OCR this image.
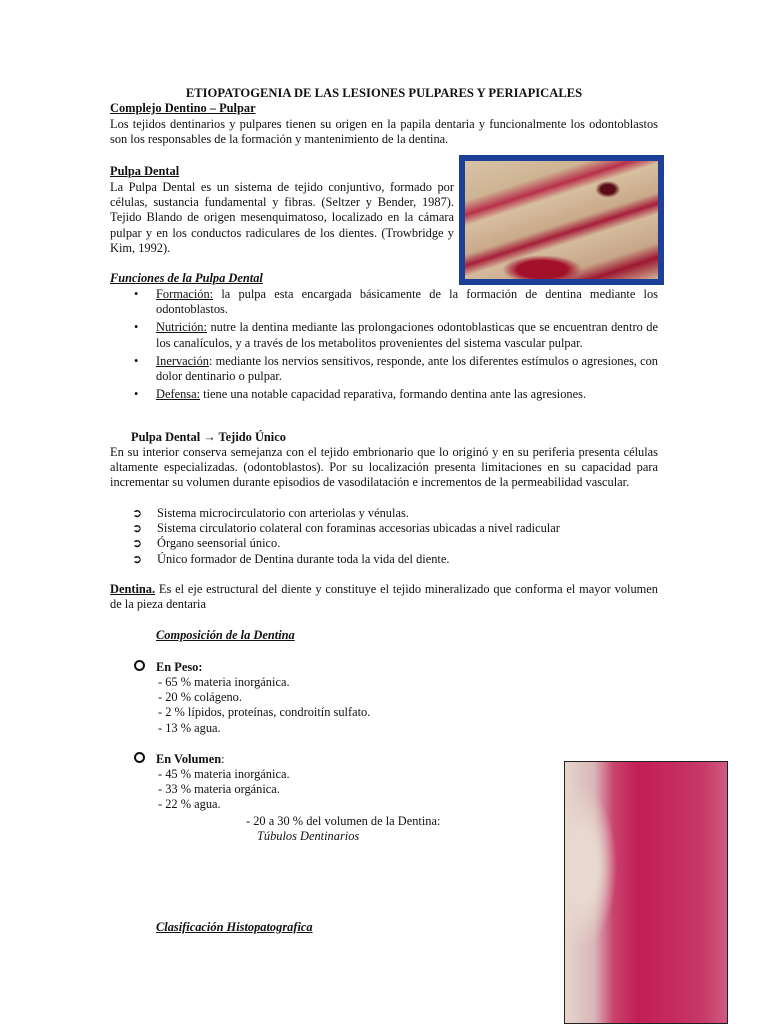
ETIOPATOGENIA DE LAS LESIONES PULPARES Y PERIAPICALES
Complejo Dentino – Pulpar
Los tejidos dentinarios y pulpares tienen su origen en la papila dentaria y funcionalmente los odontoblastos son los responsables de la formación y mantenimiento de la dentina.
Pulpa Dental
La Pulpa Dental es un sistema de tejido conjuntivo, formado por células, sustancia fundamental y fibras. (Seltzer y Bender, 1987). Tejido Blando de origen mesenquimatoso, localizado en la cámara pulpar y en los conductos radiculares de los dientes. (Trowbridge y Kim, 1992).
Funciones de la Pulpa Dental
• Formación: la pulpa esta encargada básicamente de la formación de dentina mediante los odontoblastos.
• Nutrición: nutre la dentina mediante las prolongaciones odontoblasticas que se encuentran dentro de los canalículos, y a través de los metabolitos provenientes del sistema vascular pulpar.
• Inervación: mediante los nervios sensitivos, responde, ante los diferentes estímulos o agresiones, con dolor dentinario o pulpar.
• Defensa: tiene una notable capacidad reparativa, formando dentina ante las agresiones.
Pulpa Dental → Tejido Único
En su interior conserva semejanza con el tejido embrionario que lo originó y en su periferia presenta células altamente especializadas. (odontoblastos). Por su localización presenta limitaciones en su capacidad para incrementar su volumen durante episodios de vasodilatación e incrementos de la permeabilidad vascular.
➲ Sistema microcirculatorio con arteriolas y vénulas.
➲ Sistema circulatorio colateral con foraminas accesorias ubicadas a nivel radicular
➲ Órgano seensorial único.
➲ Único formador de Dentina durante toda la vida del diente.
Dentina. Es el eje estructural del diente y constituye el tejido mineralizado que conforma el mayor volumen de la pieza dentaria
Composición de la Dentina
En Peso:
- 65 % materia inorgánica.
- 20 % colágeno.
- 2 % lípidos, proteínas, condroitín sulfato.
- 13 % agua.
En Volumen:
- 45 % materia inorgánica.
- 33 % materia orgánica.
- 22 % agua.
- 20 a 30 % del volumen de la Dentina:
Túbulos Dentinarios
Clasificación Histopatografica
